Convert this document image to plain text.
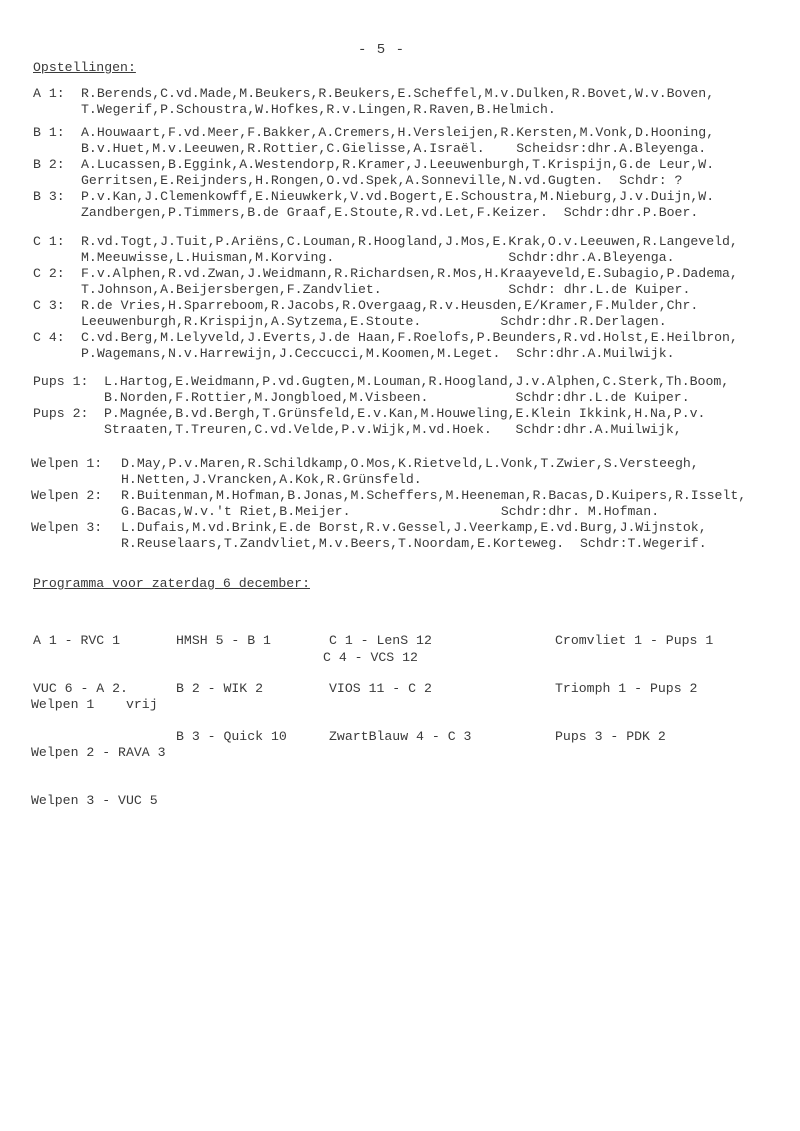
- 5 -
Opstellingen:
A 1: R.Berends,C.vd.Made,M.Beukers,R.Beukers,E.Scheffel,M.v.Dulken,R.Bovet,W.v.Boven,
T.Wegerif,P.Schoustra,W.Hofkes,R.v.Lingen,R.Raven,B.Helmich.
B 1: A.Houwaart,F.vd.Meer,F.Bakker,A.Cremers,H.Versleijen,R.Kersten,M.Vonk,D.Hooning,
B.v.Huet,M.v.Leeuwen,R.Rottier,C.Gielisse,A.Israël.    Scheidsr:dhr.A.Bleyenga.
B 2: A.Lucassen,B.Eggink,A.Westendorp,R.Kramer,J.Leeuwenburgh,T.Krispijn,G.de Leur,W.
Gerritsen,E.Reijnders,H.Rongen,O.vd.Spek,A.Sonneville,N.vd.Gugten.  Schdr: ?
B 3: P.v.Kan,J.Clemenkowff,E.Nieuwkerk,V.vd.Bogert,E.Schoustra,M.Nieburg,J.v.Duijn,W.
Zandbergen,P.Timmers,B.de Graaf,E.Stoute,R.vd.Let,F.Keizer.  Schdr:dhr.P.Boer.
C 1: R.vd.Togt,J.Tuit,P.Ariëns,C.Louman,R.Hoogland,J.Mos,E.Krak,O.v.Leeuwen,R.Langeveld,
M.Meeuwisse,L.Huisman,M.Korving.                      Schdr:dhr.A.Bleyenga.
C 2: F.v.Alphen,R.vd.Zwan,J.Weidmann,R.Richardsen,R.Mos,H.Kraayeveld,E.Subagio,P.Dadema,
T.Johnson,A.Beijersbergen,F.Zandvliet.                Schdr: dhr.L.de Kuiper.
C 3: R.de Vries,H.Sparreboom,R.Jacobs,R.Overgaag,R.v.Heusden,E/Kramer,F.Mulder,Chr.
Leeuwenburgh,R.Krispijn,A.Sytzema,E.Stoute.          Schdr:dhr.R.Derlagen.
C 4: C.vd.Berg,M.Lelyveld,J.Everts,J.de Haan,F.Roelofs,P.Beunders,R.vd.Holst,E.Heilbron,
P.Wagemans,N.v.Harrewijn,J.Ceccucci,M.Koomen,M.Leget.  Schr:dhr.A.Muilwijk.
Pups 1: L.Hartog,E.Weidmann,P.vd.Gugten,M.Louman,R.Hoogland,J.v.Alphen,C.Sterk,Th.Boom,
B.Norden,F.Rottier,M.Jongbloed,M.Visbeen.           Schdr:dhr.L.de Kuiper.
Pups 2: P.Magnée,B.vd.Bergh,T.Grünsfeld,E.v.Kan,M.Houweling,E.Klein Ikkink,H.Na,P.v.
Straaten,T.Treuren,C.vd.Velde,P.v.Wijk,M.vd.Hoek.   Schdr:dhr.A.Muilwijk,
Welpen 1: D.May,P.v.Maren,R.Schildkamp,O.Mos,K.Rietveld,L.Vonk,T.Zwier,S.Versteegh,
H.Netten,J.Vrancken,A.Kok,R.Grünsfeld.
Welpen 2: R.Buitenman,M.Hofman,B.Jonas,M.Scheffers,M.Heeneman,R.Bacas,D.Kuipers,R.Isselt,
G.Bacas,W.v.'t Riet,B.Meijer.                   Schdr:dhr. M.Hofman.
Welpen 3: L.Dufais,M.vd.Brink,E.de Borst,R.v.Gessel,J.Veerkamp,E.vd.Burg,J.Wijnstok,
R.Reuselaars,T.Zandvliet,M.v.Beers,T.Noordam,E.Korteweg.  Schdr:T.Wegerif.
Programma voor zaterdag 6 december:

A 1 - RVC 1

VUC 6 - A 2.

HMSH 5 - B 1

B 2 - WIK 2

B 3 - Quick 10

C 1 - LenS 12

VIOS 11 - C 2

ZwartBlauw 4 - C 3

C 4 - VCS 12

Cromvliet 1 - Pups 1

Triomph 1 - Pups 2

Pups 3 - PDK 2

Welpen 1    vrij

Welpen 2 - RAVA 3

Welpen 3 - VUC 5
